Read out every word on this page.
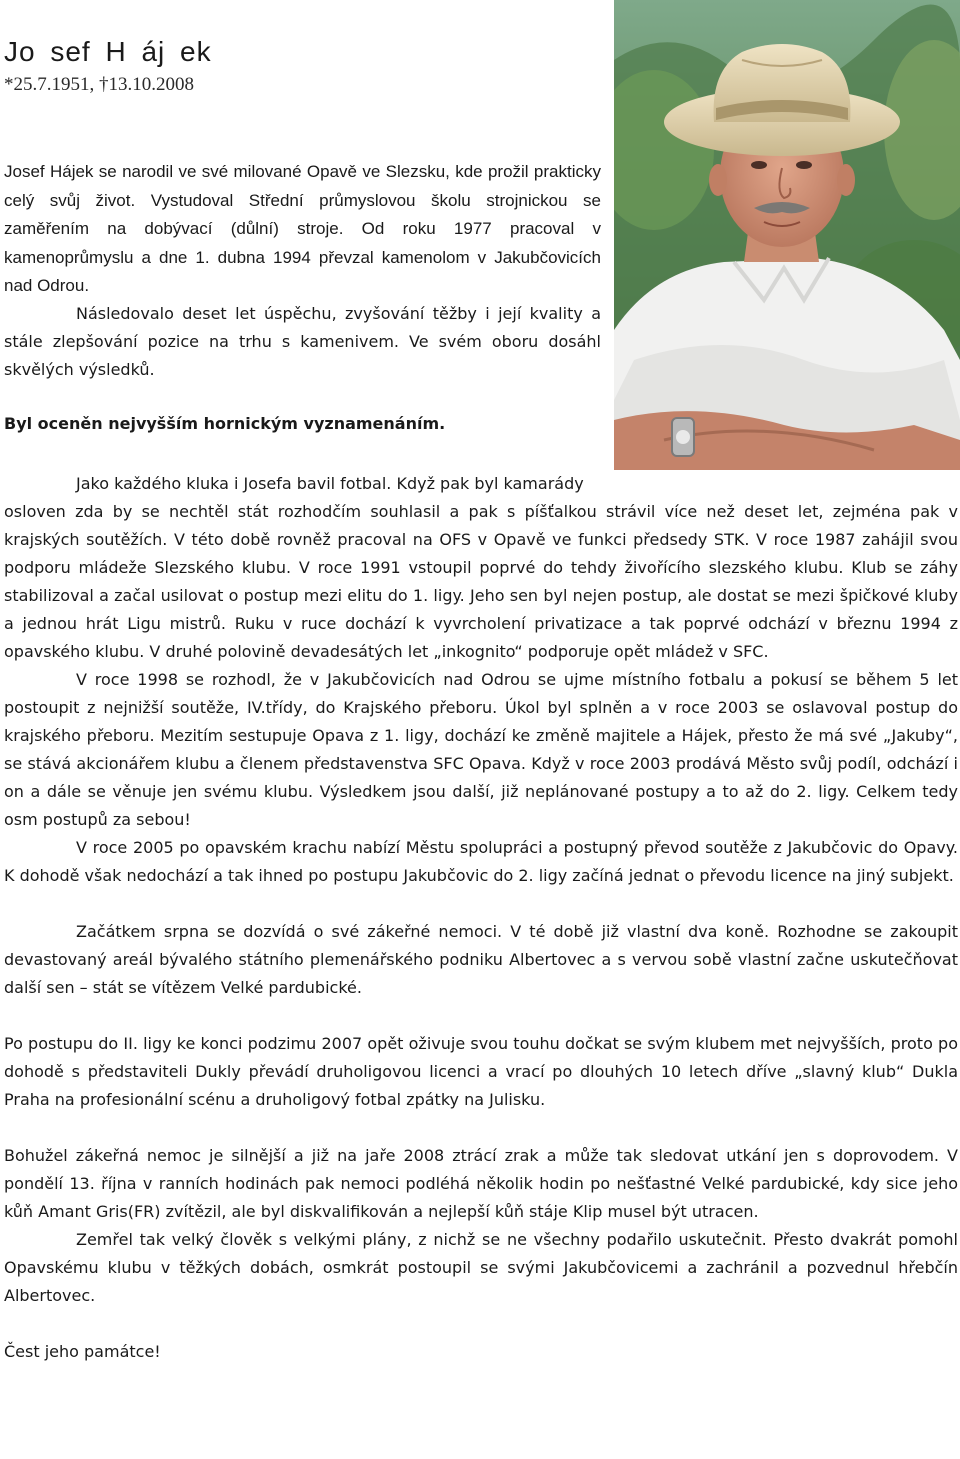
Jo sef H áj ek
*25.7.1951, †13.10.2008

Josef Hájek se narodil ve své milované Opavě ve Slezsku, kde prožil prakticky celý svůj život. Vystudoval Střední průmyslovou školu strojnickou se zaměřením na dobývací (důlní) stroje. Od roku 1977 pracoval v kamenoprůmyslu a dne 1. dubna 1994 převzal kamenolom v Jakubčovicích nad Odrou.

Následovalo deset let úspěchu, zvyšování těžby i její kvality a stále zlepšování pozice na trhu s kamenivem. Ve svém oboru dosáhl skvělých výsledků.

Byl oceněn nejvyšším hornickým vyznamenáním.

Jako každého kluka i Josefa bavil fotbal. Když pak byl kamarády
osloven zda by se nechtěl stát rozhodčím souhlasil a pak s píšťalkou strávil více než deset let, zejména pak v krajských soutěžích. V této době rovněž pracoval na OFS v Opavě ve funkci předsedy STK. V roce 1987 zahájil svou podporu mládeže Slezského klubu. V roce 1991 vstoupil poprvé do tehdy živořícího slezského klubu. Klub se záhy stabilizoval a začal usilovat o postup mezi elitu do 1. ligy. Jeho sen byl nejen postup, ale dostat se mezi špičkové kluby a jednou hrát Ligu mistrů. Ruku v ruce dochází k vyvrcholení privatizace a tak poprvé odchází v březnu 1994 z opavského klubu. V druhé polovině devadesátých let „inkognito“ podporuje opět mládež v SFC.

V roce 1998 se rozhodl, že v Jakubčovicích nad Odrou se ujme místního fotbalu a pokusí se během 5 let postoupit z nejnižší soutěže, IV.třídy, do Krajského přeboru. Úkol byl splněn a v roce 2003 se oslavoval postup do krajského přeboru. Mezitím sestupuje Opava z 1. ligy, dochází ke změně majitele a Hájek, přesto že má své „Jakuby“, se stává akcionářem klubu a členem představenstva SFC Opava. Když v roce 2003 prodává Město svůj podíl, odchází i on a dále se věnuje jen svému klubu. Výsledkem jsou další, již neplánované postupy a to až do 2. ligy. Celkem tedy osm postupů za sebou!

V roce 2005 po opavském krachu nabízí Městu spolupráci a postupný převod soutěže z Jakubčovic do Opavy. K dohodě však nedochází a tak ihned po postupu Jakubčovic do 2. ligy začíná jednat o převodu licence na jiný subjekt.

Začátkem srpna se dozvídá o své zákeřné nemoci. V té době již vlastní dva koně. Rozhodne se zakoupit devastovaný areál bývalého státního plemenářského podniku Albertovec a s vervou sobě vlastní začne uskutečňovat další sen – stát se vítězem Velké pardubické.

Po postupu do II. ligy ke konci podzimu 2007 opět oživuje svou touhu dočkat se svým klubem met nejvyšších, proto po dohodě s představiteli Dukly převádí druholigovou licenci a vrací po dlouhých 10 letech dříve „slavný klub“ Dukla Praha na profesionální scénu a druholigový fotbal zpátky na Julisku.

Bohužel zákeřná nemoc je silnější a již na jaře 2008 ztrácí zrak a může tak sledovat utkání jen s doprovodem. V pondělí 13. října v ranních hodinách pak nemoci podléhá několik hodin po nešťastné Velké pardubické, kdy sice jeho kůň Amant Gris(FR) zvítězil, ale byl diskvalifikován a nejlepší kůň stáje Klip musel být utracen.

Zemřel tak velký člověk s velkými plány, z nichž se ne všechny podařilo uskutečnit. Přesto dvakrát pomohl Opavskému klubu v těžkých dobách, osmkrát postoupil se svými Jakubčovicemi a zachránil a pozvednul hřebčín Albertovec.

Čest jeho památce!
